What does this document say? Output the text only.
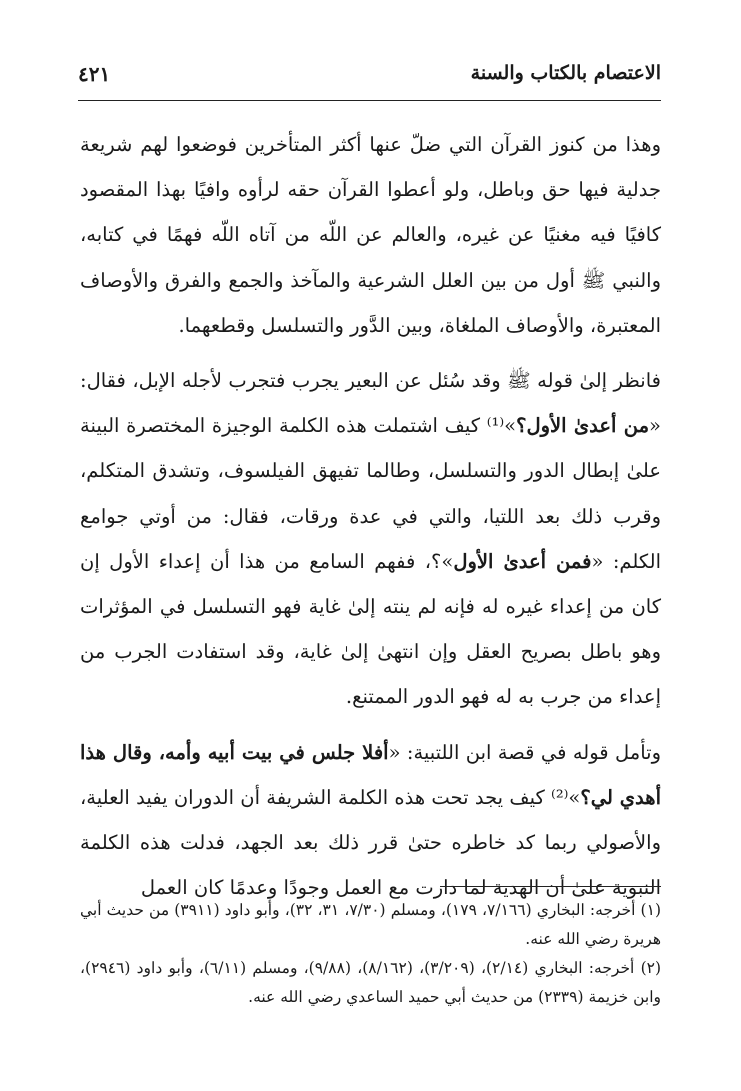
الاعتصام بالكتاب والسنة
٤٢١

وهذا من كنوز القرآن التي ضلّ عنها أكثر المتأخرين فوضعوا لهم شريعة جدلية فيها حق وباطل، ولو أعطوا القرآن حقه لرأوه وافيًا بهذا المقصود كافيًا فيه مغنيًا عن غيره، والعالم عن اللّه من آتاه اللّه فهمًا في كتابه، والنبي ﷺ أول من بين العلل الشرعية والمآخذ والجمع والفرق والأوصاف المعتبرة، والأوصاف الملغاة، وبين الدَّور والتسلسل وقطعهما.

فانظر إلىٰ قوله ﷺ وقد سُئل عن البعير يجرب فتجرب لأجله الإبل، فقال: «من أعدىٰ الأول؟»⁽¹⁾ كيف اشتملت هذه الكلمة الوجيزة المختصرة البينة علىٰ إبطال الدور والتسلسل، وطالما تفيهق الفيلسوف، وتشدق المتكلم، وقرب ذلك بعد اللتيا، والتي في عدة ورقات، فقال: من أوتي جوامع الكلم: «فمن أعدىٰ الأول»؟، ففهم السامع من هذا أن إعداء الأول إن كان من إعداء غيره له فإنه لم ينته إلىٰ غاية فهو التسلسل في المؤثرات وهو باطل بصريح العقل وإن انتهىٰ إلىٰ غاية، وقد استفادت الجرب من إعداء من جرب به له فهو الدور الممتنع.

وتأمل قوله في قصة ابن اللتبية: «أفلا جلس في بيت أبيه وأمه، وقال هذا أهدي لي؟»⁽²⁾ كيف يجد تحت هذه الكلمة الشريفة أن الدوران يفيد العلية، والأصولي ربما كد خاطره حتىٰ قرر ذلك بعد الجهد، فدلت هذه الكلمة النبوية علىٰ أن الهدية لما دارت مع العمل وجودًا وعدمًا كان العمل

(١) أخرجه: البخاري (٧/١٦٦، ١٧٩)، ومسلم (٧/٣٠، ٣١، ٣٢)، وأبو داود (٣٩١١) من حديث أبي هريرة رضي الله عنه.

(٢) أخرجه: البخاري (٢/١٤)، (٣/٢٠٩)، (٨/١٦٢)، (٩/٨٨)، ومسلم (٦/١١)، وأبو داود (٢٩٤٦)، وابن خزيمة (٢٣٣٩) من حديث أبي حميد الساعدي رضي الله عنه.
